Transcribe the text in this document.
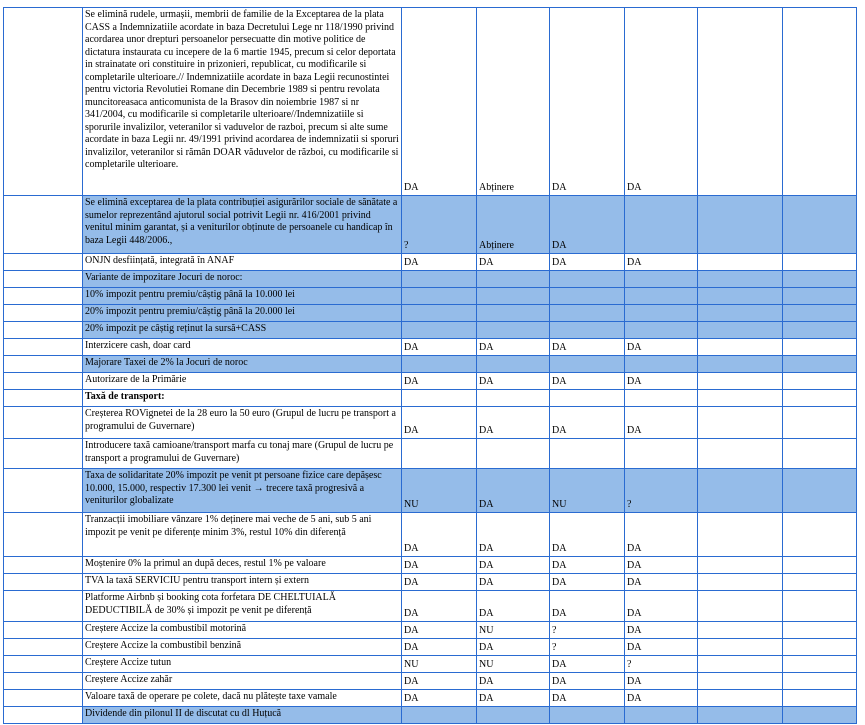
	Se elimină rudele, urmașii, membrii de familie de la Exceptarea de la plata CASS a Indemnizatiile acordate in baza Decretului Lege nr 118/1990 privind acordarea unor drepturi persoanelor persecuatte din motive politice de dictatura instaurata cu incepere de la 6 martie 1945, precum si celor deportata in strainatate ori constituire in prizonieri, republicat, cu modificarile si completarile ulterioare.// Indemnizatiile acordate in baza Legii recunostintei pentru victoria Revolutiei Romane din Decembrie 1989 si pentru revolata muncitoreasaca anticomunista de la Brasov din noiembrie 1987 si nr 341/2004, cu modificarile si completarile ulterioare//Indemnizatiile si sporurile invalizilor, veteranilor si vaduvelor de razboi, precum si alte sume acordate in baza Legii nr. 49/1991 privind acordarea de indemnizatii si sporuri invalizilor, veteranilor si rămân DOAR văduvelor de război, cu modificarile si completarile ulterioare.	DA	Abținere	DA	DA		
	Se elimină exceptarea de la plata contribuției asigurărilor sociale de sănătate a sumelor reprezentând ajutorul social potrivit Legii nr. 416/2001 privind venitul minim garantat, și a veniturilor obținute de persoanele cu handicap în baza Legii 448/2006.,	?	Abținere	DA			
	ONJN desființată, integrată în ANAF	DA	DA	DA	DA		
	Variante de impozitare Jocuri de noroc:						
	10% impozit pentru premiu/câștig până la 10.000 lei						
	20% impozit pentru premiu/câștig până la 20.000 lei						
	20% impozit pe câștig reținut la sursă+CASS						
	Interzicere cash, doar card	DA	DA	DA	DA		
	Majorare Taxei de 2% la Jocuri de noroc						
	Autorizare de la Primărie	DA	DA	DA	DA		
	Taxă de transport:						
	Creșterea ROVignetei de la 28 euro la 50 euro (Grupul de lucru pe transport a programului de Guvernare)	DA	DA	DA	DA		
	Introducere taxă camioane/transport marfa cu tonaj mare (Grupul de lucru pe transport a programului de Guvernare)						
	Taxa de solidaritate 20% impozit pe venit pt persoane fizice care depășesc 10.000, 15.000, respectiv 17.300 lei venit → trecere taxă progresivă a veniturilor globalizate	NU	DA	NU	?		
	Tranzacții imobiliare vânzare 1% deținere mai veche de 5 ani, sub 5 ani impozit pe venit pe diferențe minim 3%, restul 10% din diferență	DA	DA	DA	DA		
	Moștenire 0% la primul an după deces, restul 1% pe valoare	DA	DA	DA	DA		
	TVA la taxă SERVICIU pentru transport intern și extern	DA	DA	DA	DA		
	Platforme Airbnb și booking cota forfetara DE CHELTUIALĂ DEDUCTIBILĂ de 30% și impozit pe venit pe diferență	DA	DA	DA	DA		
	Creștere Accize la combustibil motorină	DA	NU	?	DA		
	Creștere Accize la combustibil benzină	DA	DA	?	DA		
	Creștere Accize tutun	NU	NU	DA	?		
	Creștere Accize zahăr	DA	DA	DA	DA		
	Valoare taxă de operare pe colete, dacă nu plătește taxe vamale	DA	DA	DA	DA		
	Dividende din pilonul II de discutat cu dl Huțucă						
